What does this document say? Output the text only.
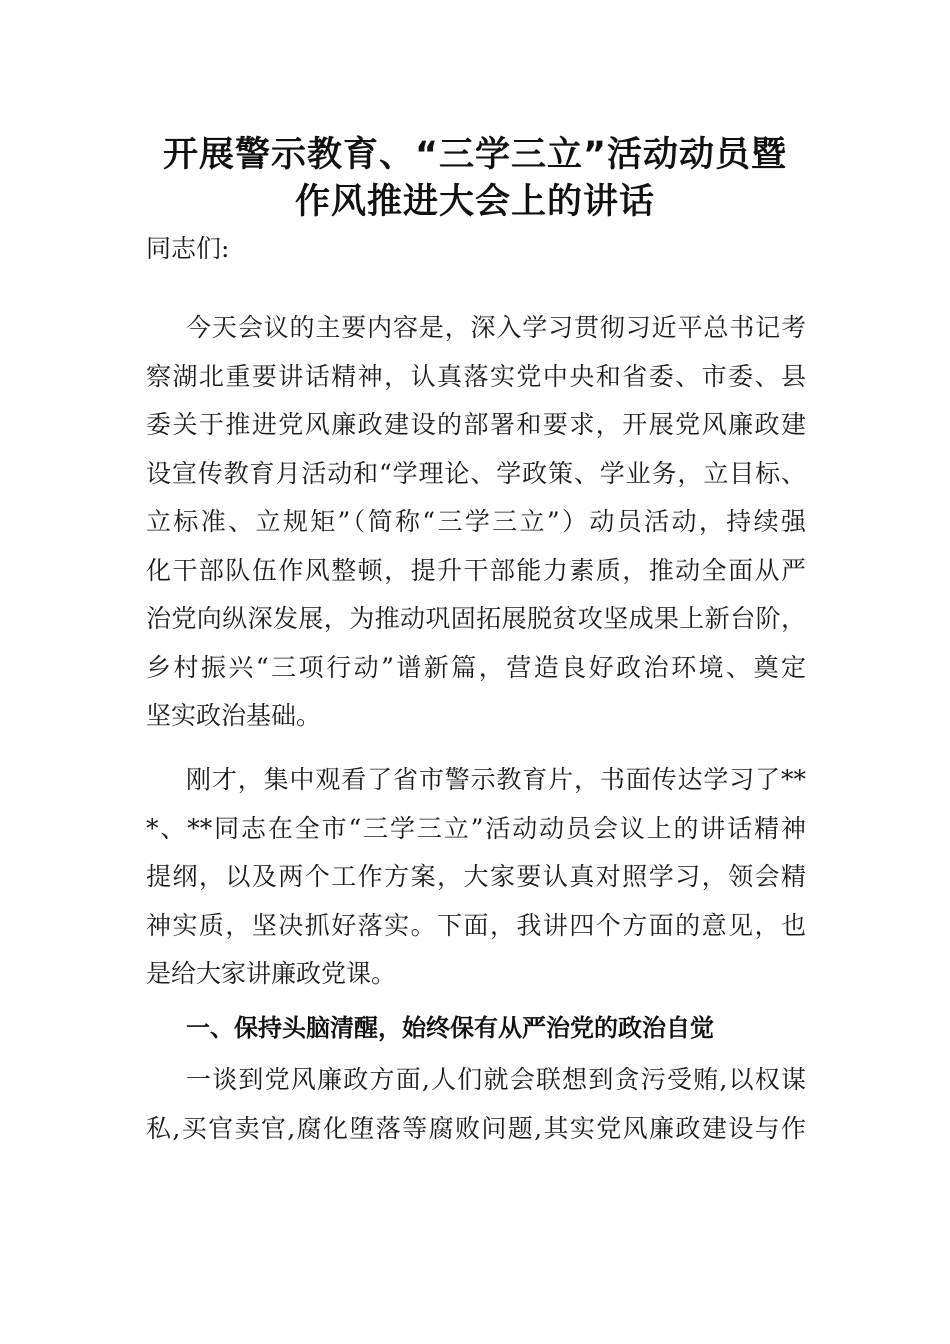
开展警示教育、“三学三立”活动动员暨
作风推进大会上的讲话
同志们:
今天会议的主要内容是，深入学习贯彻习近平总书记考
察湖北重要讲话精神，认真落实党中央和省委、市委、县
委关于推进党风廉政建设的部署和要求，开展党风廉政建
设宣传教育月活动和“学理论、学政策、学业务，立目标、
立标准、立规矩”（简称“三学三立”）动员活动，持续强
化干部队伍作风整顿，提升干部能力素质，推动全面从严
治党向纵深发展，为推动巩固拓展脱贫攻坚成果上新台阶，
乡村振兴“三项行动”谱新篇，营造良好政治环境、奠定
坚实政治基础。
刚才，集中观看了省市警示教育片，书面传达学习了**
*、**同志在全市“三学三立”活动动员会议上的讲话精神
提纲，以及两个工作方案，大家要认真对照学习，领会精
神实质，坚决抓好落实。下面，我讲四个方面的意见，也
是给大家讲廉政党课。
一、保持头脑清醒，始终保有从严治党的政治自觉
一谈到党风廉政方面,人们就会联想到贪污受贿,以权谋
私,买官卖官,腐化堕落等腐败问题,其实党风廉政建设与作
